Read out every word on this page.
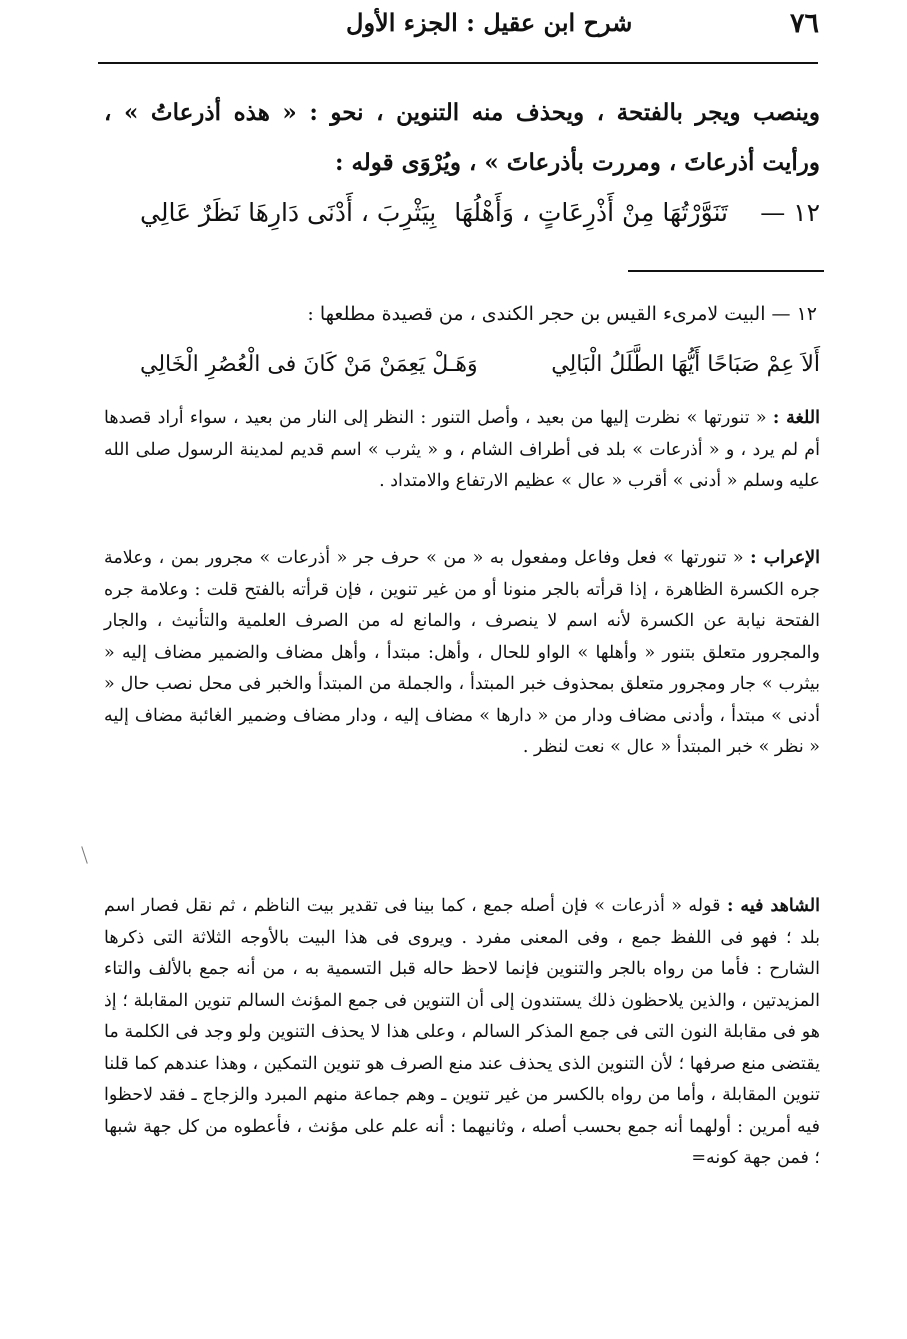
٧٦
شرح ابن عقيل : الجزء الأول
وينصب ويجر بالفتحة ، ويحذف منه التنوين ، نحو : « هذه أذرعاتُ » ، ورأيت أذرعاتَ ، ومررت بأذرعاتَ » ، ويُرْوَى قوله :
١٢ —
تَنَوَّرْتُهَا مِنْ أَذْرِعَاتٍ ، وَأَهْلُهَا
بِيَثْرِبَ ، أَدْنَى دَارِهَا نَظَرٌ عَالِي
١٢ — البيت لامرىء القيس بن حجر الكندى ، من قصيدة مطلعها :
أَلاَ عِمْ صَبَاحًا أَيُّهَا الطَّلَلُ الْبَالِي
وَهَـلْ يَعِمَنْ مَنْ كَانَ فى الْعُصُرِ الْخَالِي
اللغة : « تنورتها » نظرت إليها من بعيد ، وأصل التنور : النظر إلى النار من بعيد ، سواء أراد قصدها أم لم يرد ، و « أذرعات » بلد فى أطراف الشام ، و « يثرب » اسم قديم لمدينة الرسول صلى الله عليه وسلم « أدنى » أقرب « عال » عظيم الارتفاع والامتداد .
الإعراب : « تنورتها » فعل وفاعل ومفعول به « من » حرف جر « أذرعات » مجرور بمن ، وعلامة جره الكسرة الظاهرة ، إذا قرأته بالجر منونا أو من غير تنوين ، فإن قرأته بالفتح قلت : وعلامة جره الفتحة نيابة عن الكسرة لأنه اسم لا ينصرف ، والمانع له من الصرف العلمية والتأنيث ، والجار والمجرور متعلق بتنور « وأهلها » الواو للحال ، وأهل: مبتدأ ، وأهل مضاف والضمير مضاف إليه « بيثرب » جار ومجرور متعلق بمحذوف خبر المبتدأ ، والجملة من المبتدأ والخبر فى محل نصب حال « أدنى » مبتدأ ، وأدنى مضاف ودار من « دارها » مضاف إليه ، ودار مضاف وضمير الغائبة مضاف إليه « نظر » خبر المبتدأ « عال » نعت لنظر .
الشاهد فيه : قوله « أذرعات » فإن أصله جمع ، كما بينا فى تقدير بيت الناظم ، ثم نقل فصار اسم بلد ؛ فهو فى اللفظ جمع ، وفى المعنى مفرد . ويروى فى هذا البيت بالأوجه الثلاثة التى ذكرها الشارح : فأما من رواه بالجر والتنوين فإنما لاحظ حاله قبل التسمية به ، من أنه جمع بالألف والتاء المزيدتين ، والذين يلاحظون ذلك يستندون إلى أن التنوين فى جمع المؤنث السالم تنوين المقابلة ؛ إذ هو فى مقابلة النون التى فى جمع المذكر السالم ، وعلى هذا لا يحذف التنوين ولو وجد فى الكلمة ما يقتضى منع صرفها ؛ لأن التنوين الذى يحذف عند منع الصرف هو تنوين التمكين ، وهذا عندهم كما قلنا تنوين المقابلة ، وأما من رواه بالكسر من غير تنوين ـ وهم جماعة منهم المبرد والزجاج ـ فقد لاحظوا فيه أمرين : أولهما أنه جمع بحسب أصله ، وثانيهما : أنه علم على مؤنث ، فأعطوه من كل جهة شبها ؛ فمن جهة كونه=
